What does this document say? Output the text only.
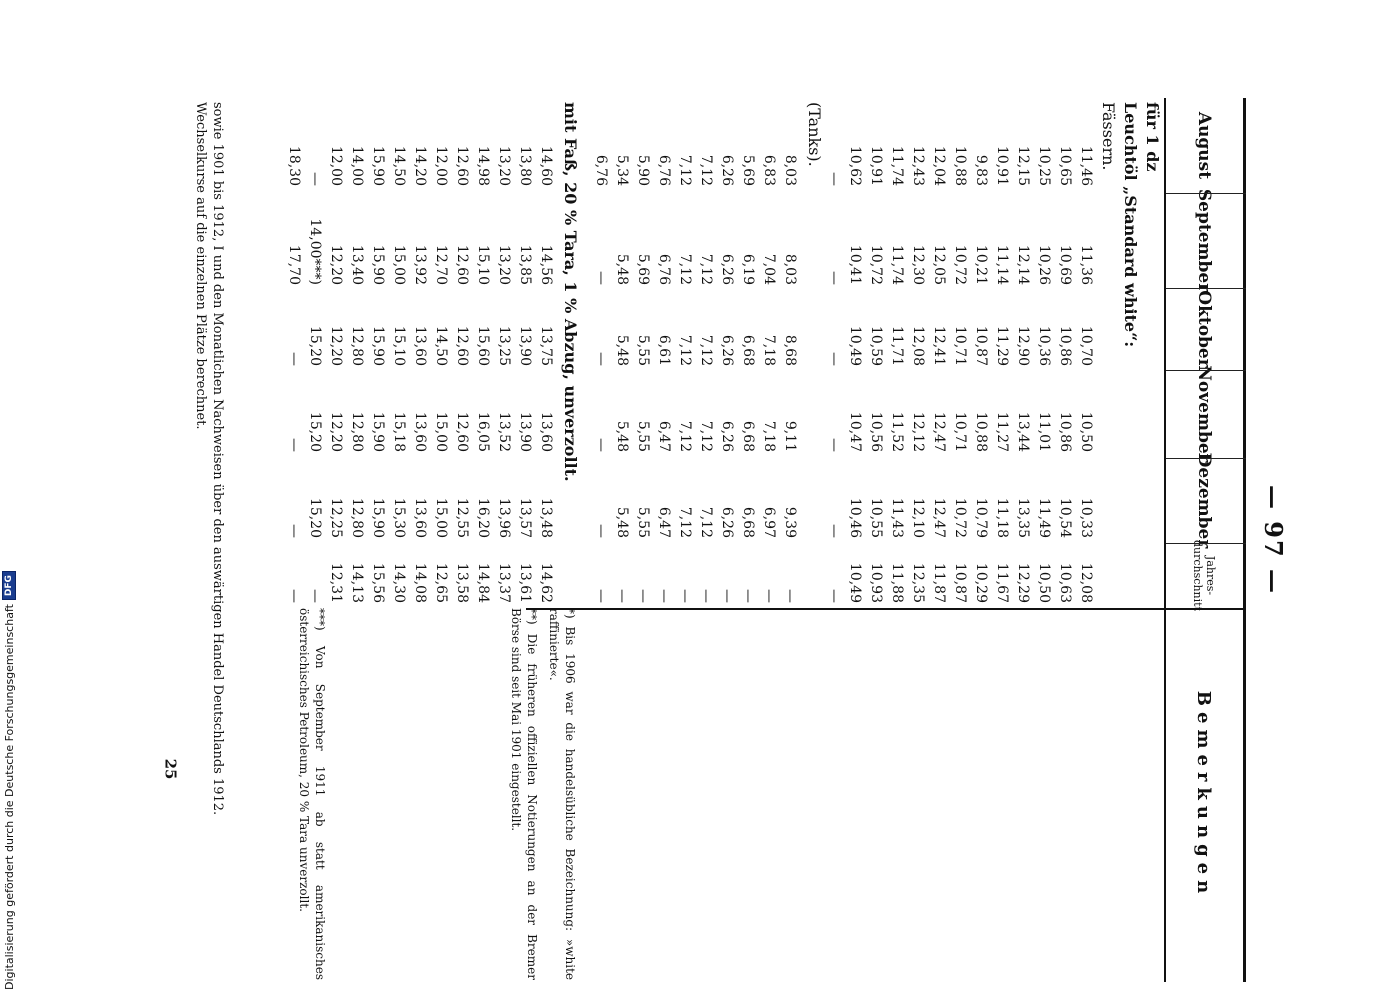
— 97 —
August
September
Oktober
November
Dezember
Jahres-durchschnitt
Bemerkungen
für 1 dz
Leuchtöl „Standard white“:
Fässern.
11,46
11,36
10,70
10,50
10,33
12,08
10,65
10,69
10,86
10,86
10,54
10,63
10,25
10,26
10,36
11,01
11,49
10,50
12,15
12,14
12,90
13,44
13,35
12,29
10,91
11,14
11,29
11,27
11,18
11,67
9,83
10,21
10,87
10,88
10,79
10,29
10,88
10,72
10,71
10,71
10,72
10,87
12,04
12,05
12,41
12,47
12,47
11,87
12,43
12,30
12,08
12,12
12,10
12,35
11,74
11,74
11,71
11,52
11,43
11,88
10,91
10,72
10,59
10,56
10,55
10,93
10,62
10,41
10,49
10,47
10,46
10,49
—
—
—
—
—
—
(Tanks).
8,03
8,03
8,68
9,11
9,39
—
6,83
7,04
7,18
7,18
6,97
—
5,69
6,19
6,68
6,68
6,68
—
6,26
6,26
6,26
6,26
6,26
—
7,12
7,12
7,12
7,12
7,12
—
7,12
7,12
7,12
7,12
7,12
—
6,76
6,76
6,61
6,47
6,47
—
5,90
5,69
5,55
5,55
5,55
—
5,34
5,48
5,48
5,48
5,48
—
6,76
—
—
—
—
—
mit Faß, 20 % Tara, 1 % Abzug, unverzollt.
14,60
14,56
13,75
13,60
13,48
14,62
13,80
13,85
13,90
13,90
13,57
13,61
13,20
13,20
13,25
13,52
13,96
13,37
14,98
15,10
15,60
16,05
16,20
14,84
12,60
12,60
12,60
12,60
12,55
13,58
12,00
12,70
14,50
15,00
15,00
12,65
14,20
13,92
13,60
13,60
13,60
14,08
14,50
15,00
15,10
15,18
15,30
14,30
15,90
15,90
15,90
15,90
15,90
15,56
14,00
13,40
12,80
12,80
12,80
14,13
12,00
12,20
12,20
12,20
12,25
12,31
—
14,00***)
15,20
15,20
15,20
—
18,30
17,70
—
—
—
—
*) Bis 1906 war die handelsübliche Bezeichnung: »white raffinierte«.
**) Die früheren offiziellen Notierungen an der Bremer Börse sind seit Mai 1901 eingestellt.
***) Von September 1911 ab statt amerikanisches österreichisches Petroleum, 20 % Tara unverzollt.
sowie 1901 bis 1912, I und den Monatlichen Nachweisen über den auswärtigen Handel Deutschlands 1912.
Wechselkurse auf die einzelnen Plätze berechnet.
25
Digitalisierung gefördert durch die Deutsche Forschungsgemeinschaft
DFG
